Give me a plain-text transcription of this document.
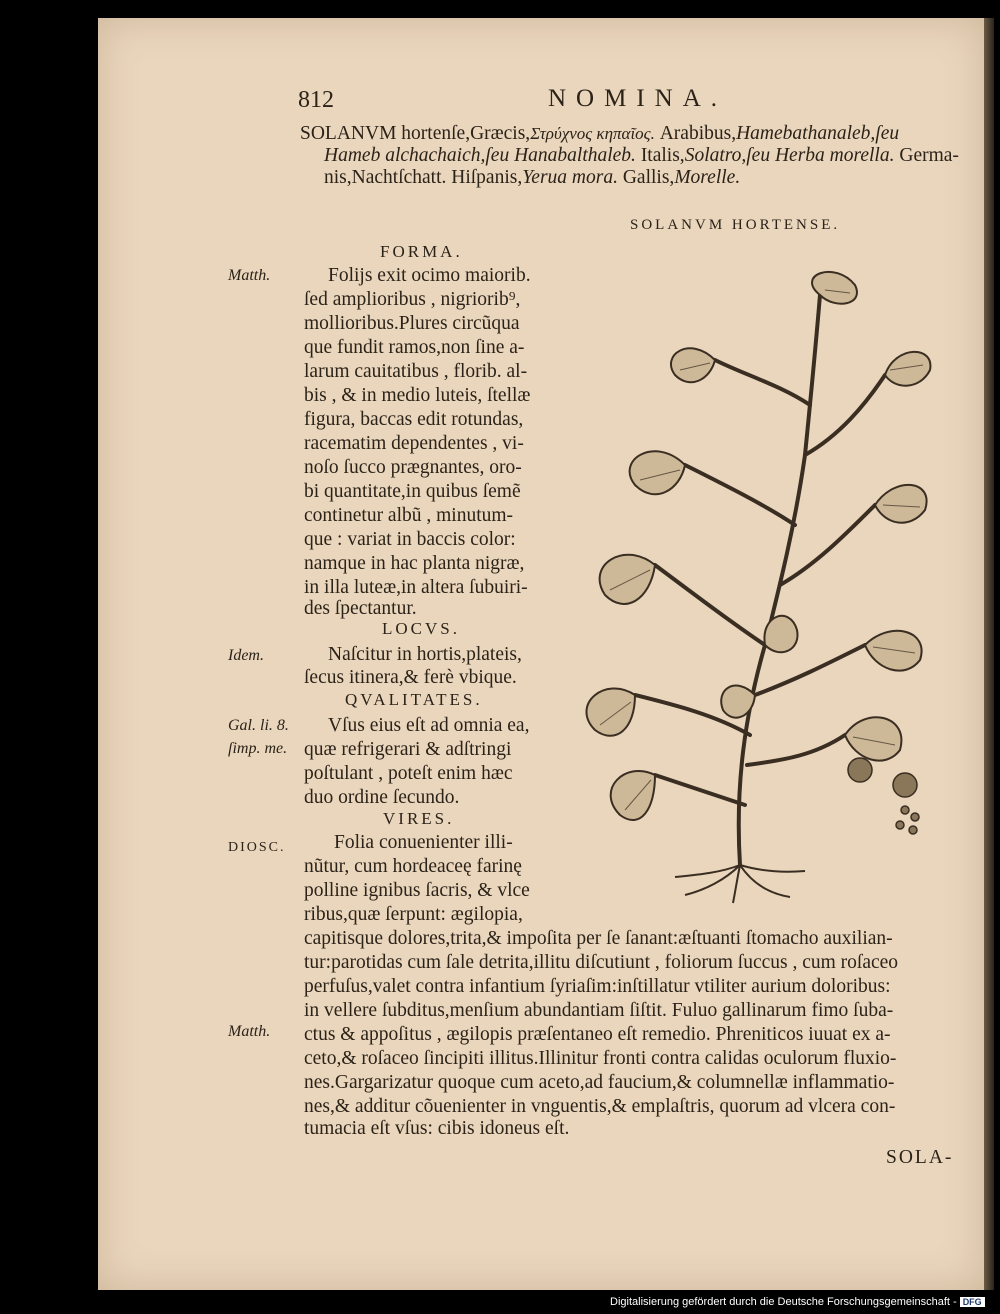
812	NOMINA.
SOLANVM hortenſe,Græcis,Στρύχνος κηπαῖος. Arabibus,Hamebathanaleb,ſeu
Hameb alchachaich,ſeu Hanabalthaleb. Italis,Solatro,ſeu Herba morella. Germa-
nis,Nachtſchatt. Hiſpanis,Yerua mora. Gallis,Morelle.
SOLANVM HORTENSE.
FORMA.
LOCVS.
QVALITATES.
VIRES.
Matth.
Idem.
Gal. li. 8.
ſimp. me.
DIOSC.
Matth.
Folijs exit ocimo maiorib.
ſed amplioribus , nigriorib⁹,
mollioribus.Plures circũqua
que fundit ramos,non ſine a-
larum cauitatibus , florib. al-
bis , & in medio luteis, ſtellæ
figura, baccas edit rotundas,
racematim dependentes , vi-
noſo ſucco prægnantes, oro-
bi quantitate,in quibus ſemẽ
continetur albũ , minutum-
que : variat in baccis color:
namque in hac planta nigræ,
in illa luteæ,in altera ſubuiri-
des ſpectantur.
Naſcitur in hortis,plateis,
ſecus itinera,& ferè vbique.
Vſus eius eſt ad omnia ea,
quæ refrigerari & adſtringi
poſtulant , poteſt enim hæc
duo ordine ſecundo.
Folia conuenienter illi-
nũtur, cum hordeaceę farinę
polline ignibus ſacris, & vlce
ribus,quæ ſerpunt: ægilopia,
capitisque dolores,trita,& impoſita per ſe ſanant:æſtuanti ſtomacho auxilian-
tur:parotidas cum ſale detrita,illitu diſcutiunt , foliorum ſuccus , cum roſaceo
perfuſus,valet contra infantium ſyriaſim:inſtillatur vtiliter aurium doloribus:
in vellere ſubditus,menſium abundantiam ſiſtit. Fuluo gallinarum fimo ſuba-
ctus & appoſitus , ægilopis præſentaneo eſt remedio. Phreniticos iuuat ex a-
ceto,& roſaceo ſincipiti illitus.Illinitur fronti contra calidas oculorum fluxio-
nes.Gargarizatur quoque cum aceto,ad faucium,& columnellæ inflammatio-
nes,& additur cõuenienter in vnguentis,& emplaſtris, quorum ad vlcera con-
tumacia eſt vſus: cibis idoneus eſt.
SOLA-
Digitalisierung gefördert durch die Deutsche Forschungsgemeinschaft - DFG
